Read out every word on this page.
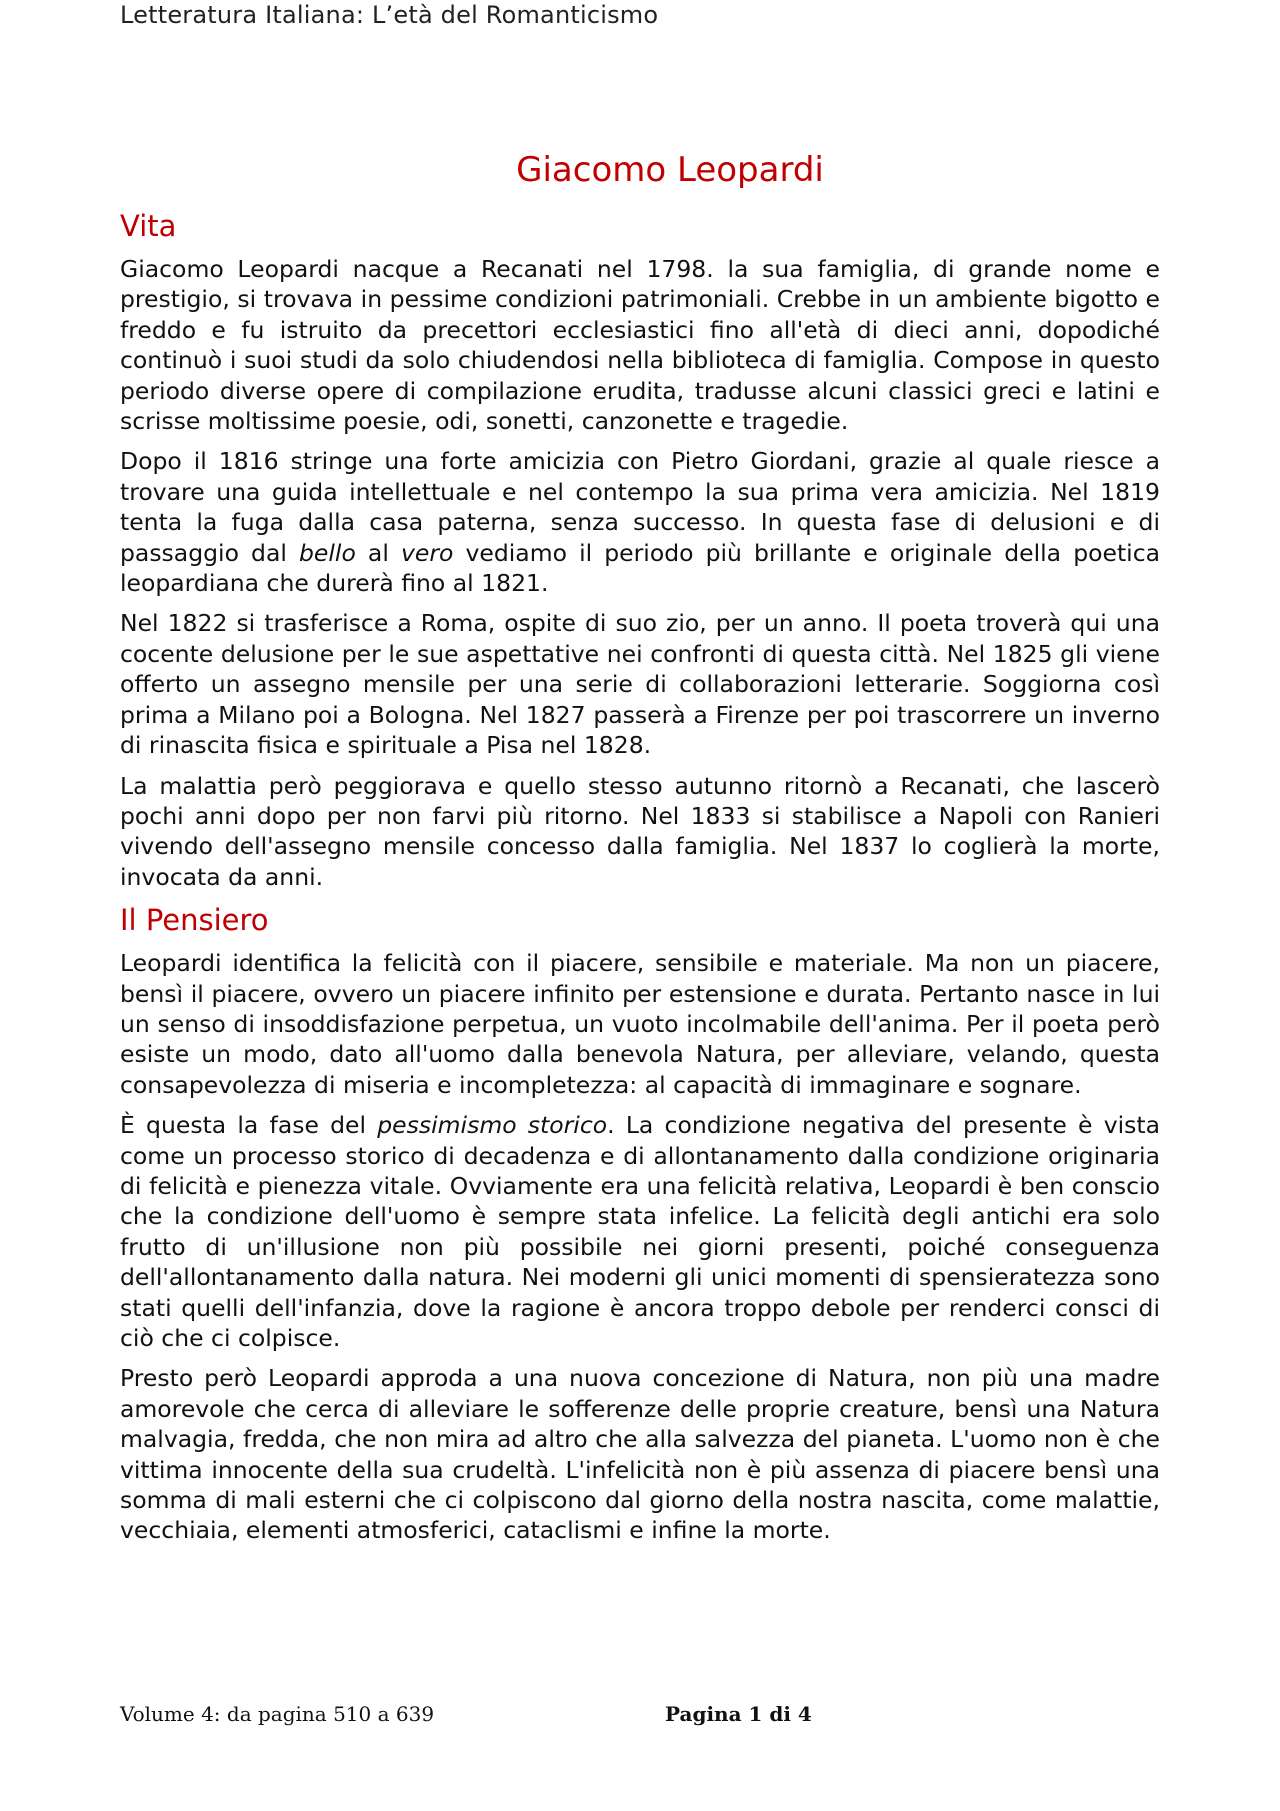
Letteratura Italiana: L’età del Romanticismo
Giacomo Leopardi
Vita

Giacomo Leopardi nacque a Recanati nel 1798. la sua famiglia, di grande nome e prestigio, si trovava in pessime condizioni patrimoniali. Crebbe in un ambiente bigotto e freddo e fu istruito da precettori ecclesiastici fino all'età di dieci anni, dopodiché continuò i suoi studi da solo chiudendosi nella biblioteca di famiglia. Compose in questo periodo diverse opere di compilazione erudita, tradusse alcuni classici greci e latini e scrisse moltissime poesie, odi, sonetti, canzonette e tragedie.

Dopo il 1816 stringe una forte amicizia con Pietro Giordani, grazie al quale riesce a trovare una guida intellettuale e nel contempo la sua prima vera amicizia. Nel 1819 tenta la fuga dalla casa paterna, senza successo. In questa fase di delusioni e di passaggio dal bello al vero vediamo il periodo più brillante e originale della poetica leopardiana che durerà fino al 1821.

Nel 1822 si trasferisce a Roma, ospite di suo zio, per un anno. Il poeta troverà qui una cocente delusione per le sue aspettative nei confronti di questa città. Nel 1825 gli viene offerto un assegno mensile per una serie di collaborazioni letterarie. Soggiorna così prima a Milano poi a Bologna. Nel 1827 passerà a Firenze per poi trascorrere un inverno di rinascita fisica e spirituale a Pisa nel 1828.

La malattia però peggiorava e quello stesso autunno ritornò a Recanati, che lascerò pochi anni dopo per non farvi più ritorno. Nel 1833 si stabilisce a Napoli con Ranieri vivendo dell'assegno mensile concesso dalla famiglia. Nel 1837 lo coglierà la morte, invocata da anni.

Il Pensiero

Leopardi identifica la felicità con il piacere, sensibile e materiale. Ma non un piacere, bensì il piacere, ovvero un piacere infinito per estensione e durata. Pertanto nasce in lui un senso di insoddisfazione perpetua, un vuoto incolmabile dell'anima. Per il poeta però esiste un modo, dato all'uomo dalla benevola Natura, per alleviare, velando, questa consapevolezza di miseria e incompletezza: al capacità di immaginare e sognare.

È questa la fase del pessimismo storico. La condizione negativa del presente è vista come un processo storico di decadenza e di allontanamento dalla condizione originaria di felicità e pienezza vitale. Ovviamente era una felicità relativa, Leopardi è ben conscio che la condizione dell'uomo è sempre stata infelice. La felicità degli antichi era solo frutto di un'illusione non più possibile nei giorni presenti, poiché conseguenza dell'allontanamento dalla natura. Nei moderni gli unici momenti di spensieratezza sono stati quelli dell'infanzia, dove la ragione è ancora troppo debole per renderci consci di ciò che ci colpisce.

Presto però Leopardi approda a una nuova concezione di Natura, non più una madre amorevole che cerca di alleviare le sofferenze delle proprie creature, bensì una Natura malvagia, fredda, che non mira ad altro che alla salvezza del pianeta. L'uomo non è che vittima innocente della sua crudeltà. L'infelicità non è più assenza di piacere bensì una somma di mali esterni che ci colpiscono dal giorno della nostra nascita, come malattie, vecchiaia, elementi atmosferici, cataclismi e infine la morte.

Volume 4: da pagina 510 a 639	Pagina 1 di 4
